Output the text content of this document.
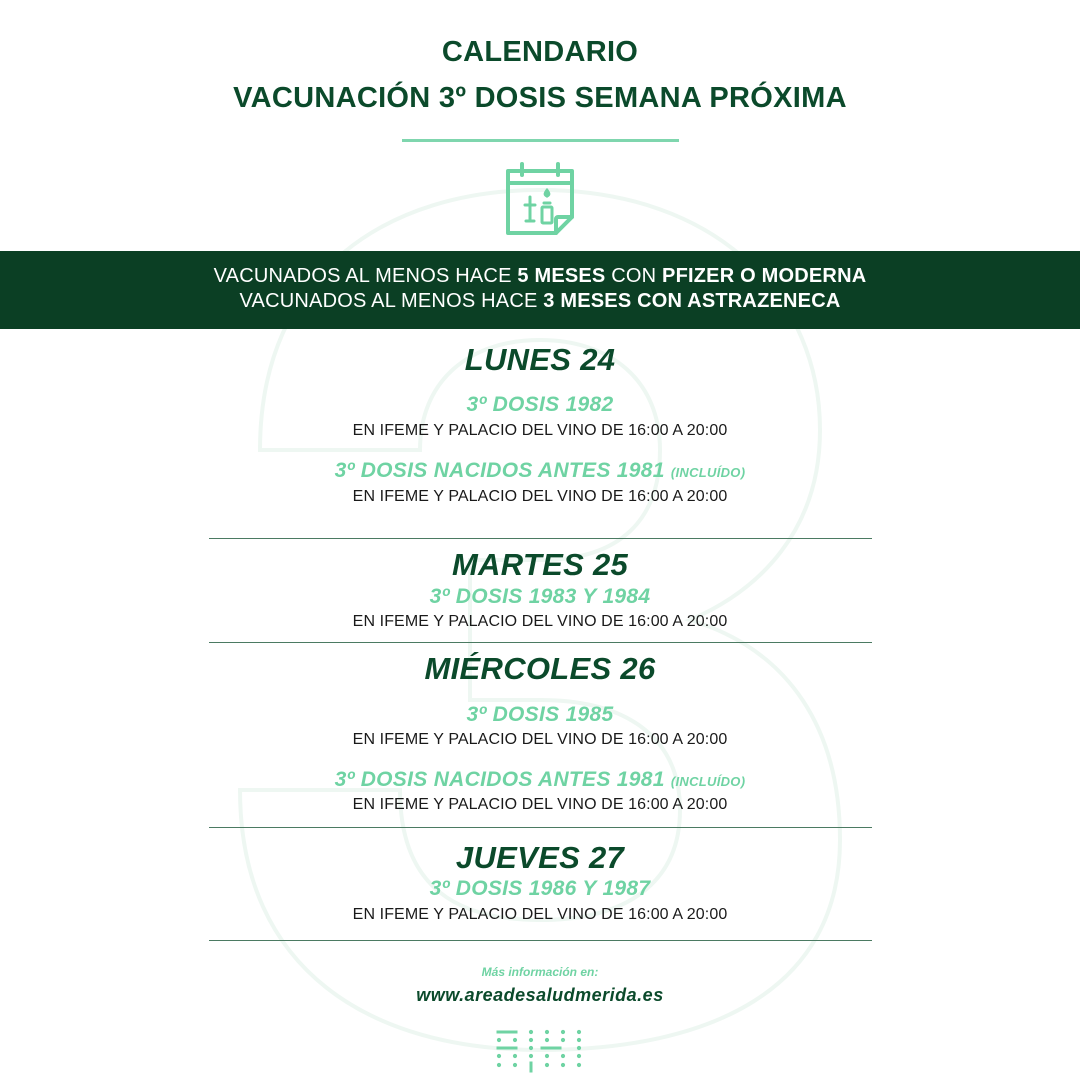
CALENDARIO
VACUNACIÓN 3º DOSIS SEMANA PRÓXIMA
VACUNADOS AL MENOS HACE 5 MESES CON PFIZER O MODERNA
VACUNADOS AL MENOS HACE 3 MESES CON ASTRAZENECA
LUNES 24
3º DOSIS 1982
EN IFEME Y PALACIO DEL VINO DE 16:00 A 20:00
3º DOSIS NACIDOS ANTES 1981 (INCLUÍDO)
EN IFEME Y PALACIO DEL VINO DE 16:00 A 20:00
MARTES 25
3º DOSIS 1983 Y 1984
EN IFEME Y PALACIO DEL VINO DE 16:00 A 20:00
MIÉRCOLES 26
3º DOSIS 1985
EN IFEME Y PALACIO DEL VINO DE 16:00 A 20:00
3º DOSIS NACIDOS ANTES 1981 (INCLUÍDO)
EN IFEME Y PALACIO DEL VINO DE 16:00 A 20:00
JUEVES 27
3º DOSIS 1986 Y 1987
EN IFEME Y PALACIO DEL VINO DE 16:00 A 20:00
Más información en:
www.areadesaludmerida.es
